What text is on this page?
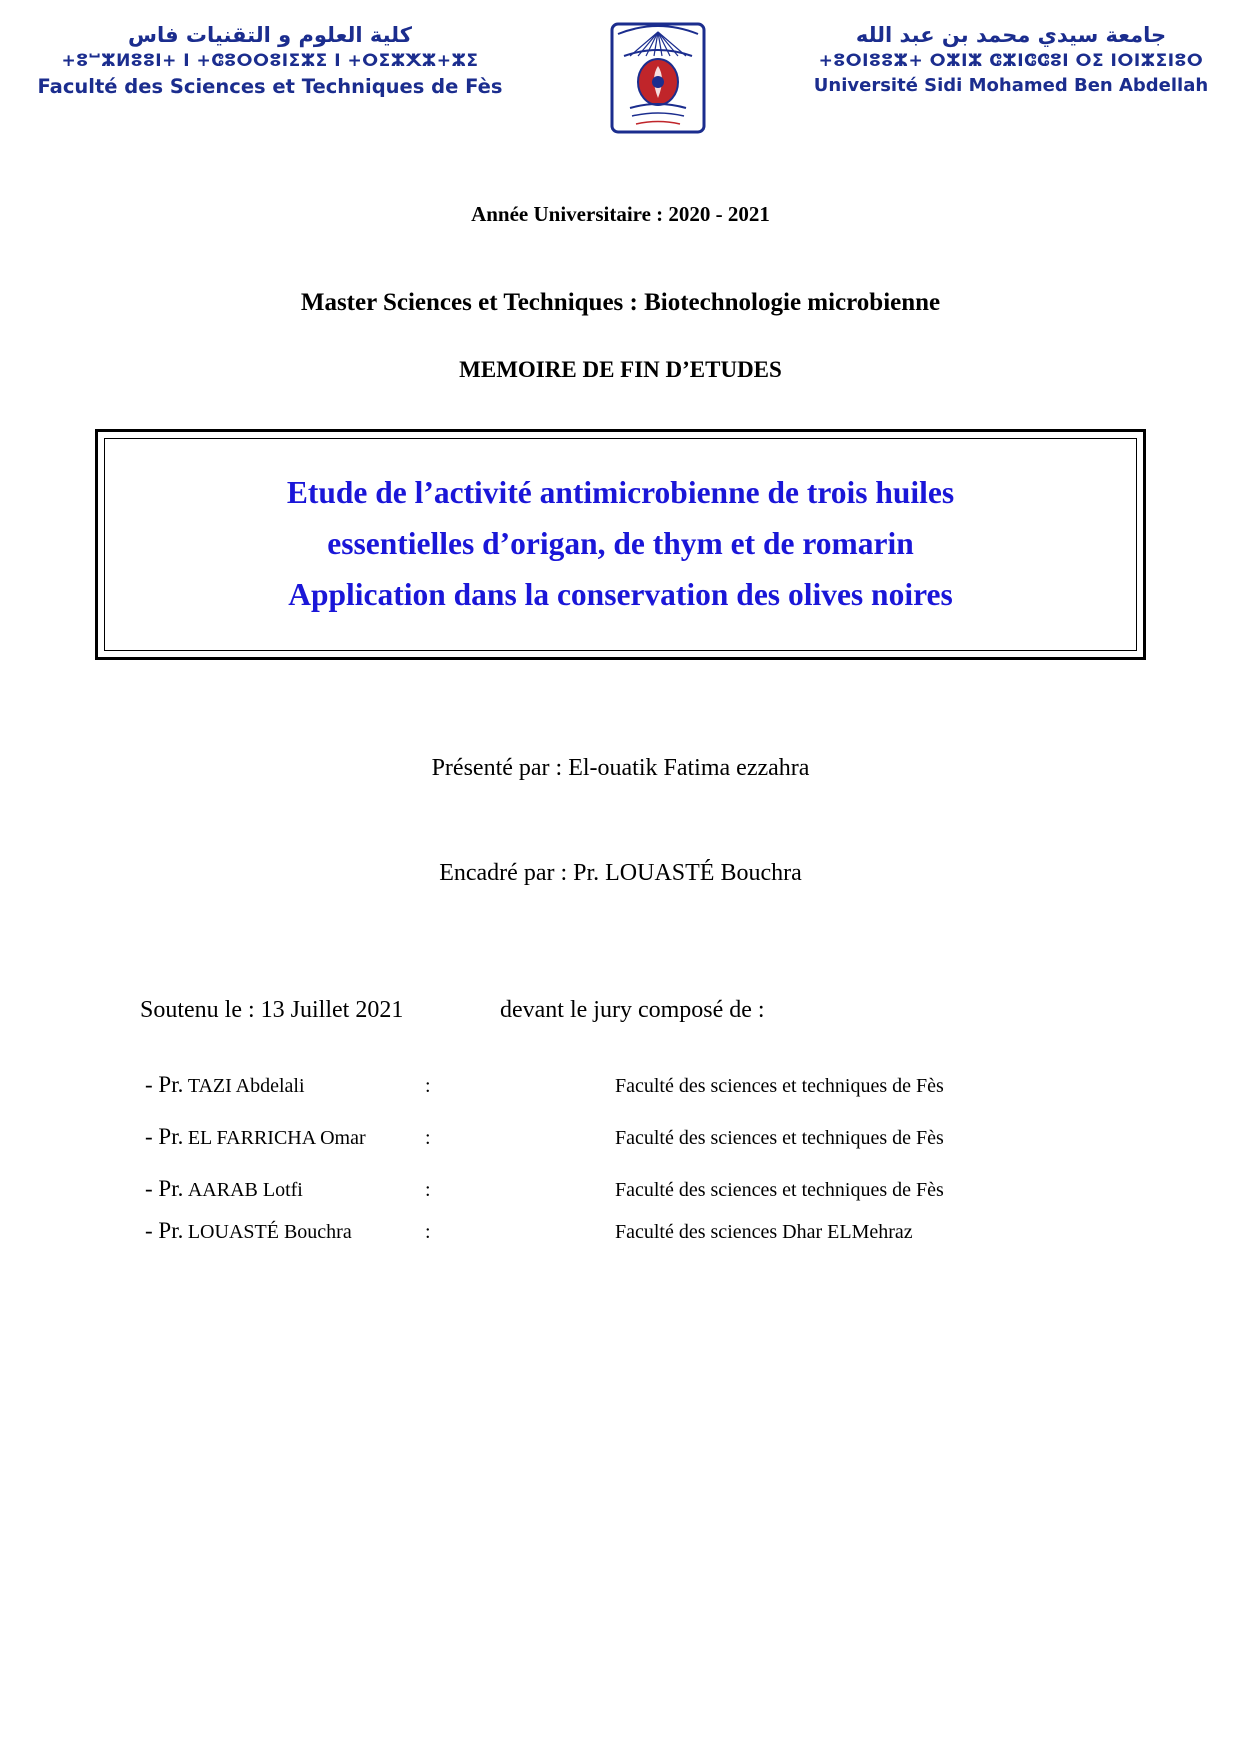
كلية العلوم و التقنيات فاس
+ⵓⵯⵣⵍⵓⵓⵏ+ Ⅰ +ⵛⵓⵔⵔⵓⵏⵉⵣⵉ ⵏ +ⵔⵉⵣⵅⵣ+ⵣⵉ
Faculté des Sciences et Techniques de Fès
جامعة سيدي محمد بن عبد الله
+ⵓⵔⵏⵓⵓⵣ+ ⵔⵣⵏⵣ ⵛⵣⵏⵛⵛⵓⵏ ⵔⵉ ⵏⵔⵏⵣⵉⵏⵓⵔ
Université Sidi Mohamed Ben Abdellah
Année Universitaire : 2020 - 2021
Master Sciences et Techniques : Biotechnologie microbienne
MEMOIRE DE FIN D’ETUDES
Etude de l’activité antimicrobienne de trois huiles
essentielles d’origan, de thym et de romarin
Application dans la conservation des olives noires
Présenté par : El-ouatik Fatima ezzahra
Encadré par : Pr. LOUASTÉ Bouchra
Soutenu le : 13 Juillet 2021	devant le jury composé de :
- Pr. TAZI Abdelali	:	Faculté des sciences et techniques de Fès
- Pr. EL FARRICHA Omar	:	Faculté des sciences et techniques de Fès
- Pr. AARAB Lotfi	:	Faculté des sciences et techniques de Fès
- Pr. LOUASTÉ Bouchra	:	Faculté des sciences Dhar ELMehraz
